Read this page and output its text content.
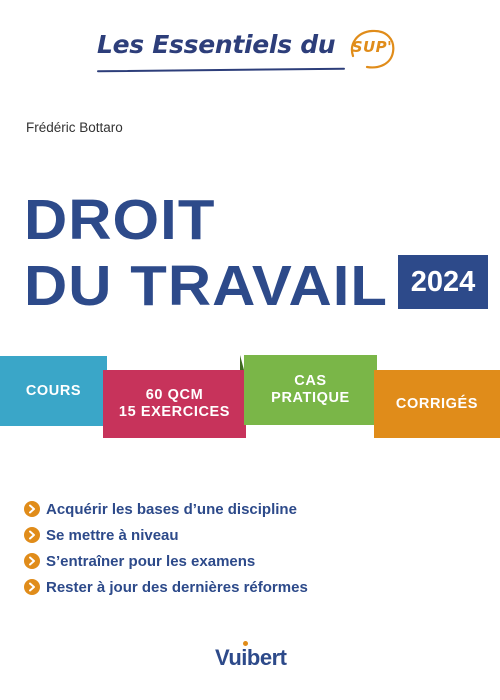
Les Essentiels du	SUP'
Frédéric Bottaro
DROIT
DU TRAVAIL 2024
COURS	60 QCM
15 EXERCICES
CAS
PRATIQUE	CORRIGÉS
Acquérir les bases d’une discipline
Se mettre à niveau
S’entraîner pour les examens
Rester à jour des dernières réformes
Vuibert
